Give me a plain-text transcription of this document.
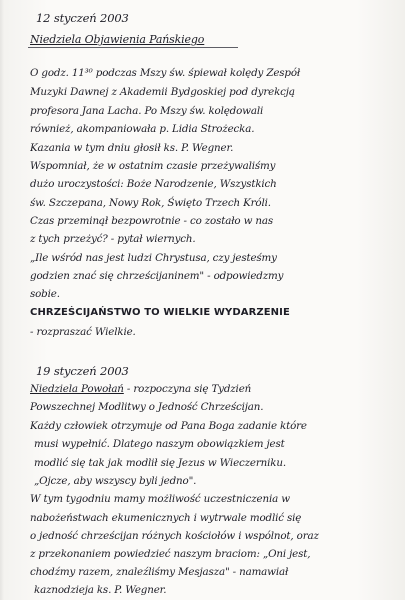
12 styczeń 2003
Niedziela Objawienia Pańskiego
O godz. 11³⁰ podczas Mszy św. śpiewał kolędy Zespół
Muzyki Dawnej z Akademii Bydgoskiej pod dyrekcją
profesora Jana Lacha. Po Mszy św. kolędowali
również, akompaniowała p. Lidia Strożecka.
Kazania w tym dniu głosił ks. P. Wegner.
Wspomniał, że w ostatnim czasie przeżywaliśmy
dużo uroczystości: Boże Narodzenie, Wszystkich
św. Szczepana, Nowy Rok, Święto Trzech Króli.
Czas przeminął bezpowrotnie - co zostało w nas
z tych przeżyć? - pytał wiernych.
„Ile wśród nas jest ludzi Chrystusa, czy jesteśmy
godzien znać się chrześcijaninem" - odpowiedzmy
sobie.
CHRZEŚCIJAŃSTWO TO WIELKIE WYDARZENIE
- rozpraszać Wielkie.
19 styczeń 2003
Niedziela Powołań - rozpoczyna się Tydzień
Powszechnej Modlitwy o Jedność Chrześcijan.
Każdy człowiek otrzymuje od Pana Boga zadanie które
musi wypełnić. Dlatego naszym obowiązkiem jest
modlić się tak jak modlił się Jezus w Wieczerniku.
„Ojcze, aby wszyscy byli jedno".
W tym tygodniu mamy możliwość uczestniczenia w
nabożeństwach ekumenicznych i wytrwale modlić się
o jedność chrześcijan różnych kościołów i wspólnot, oraz
z przekonaniem powiedzieć naszym braciom: „Oni jest,
chodźmy razem, znaleźliśmy Mesjasza" - namawiał
kaznodzieja ks. P. Wegner.
